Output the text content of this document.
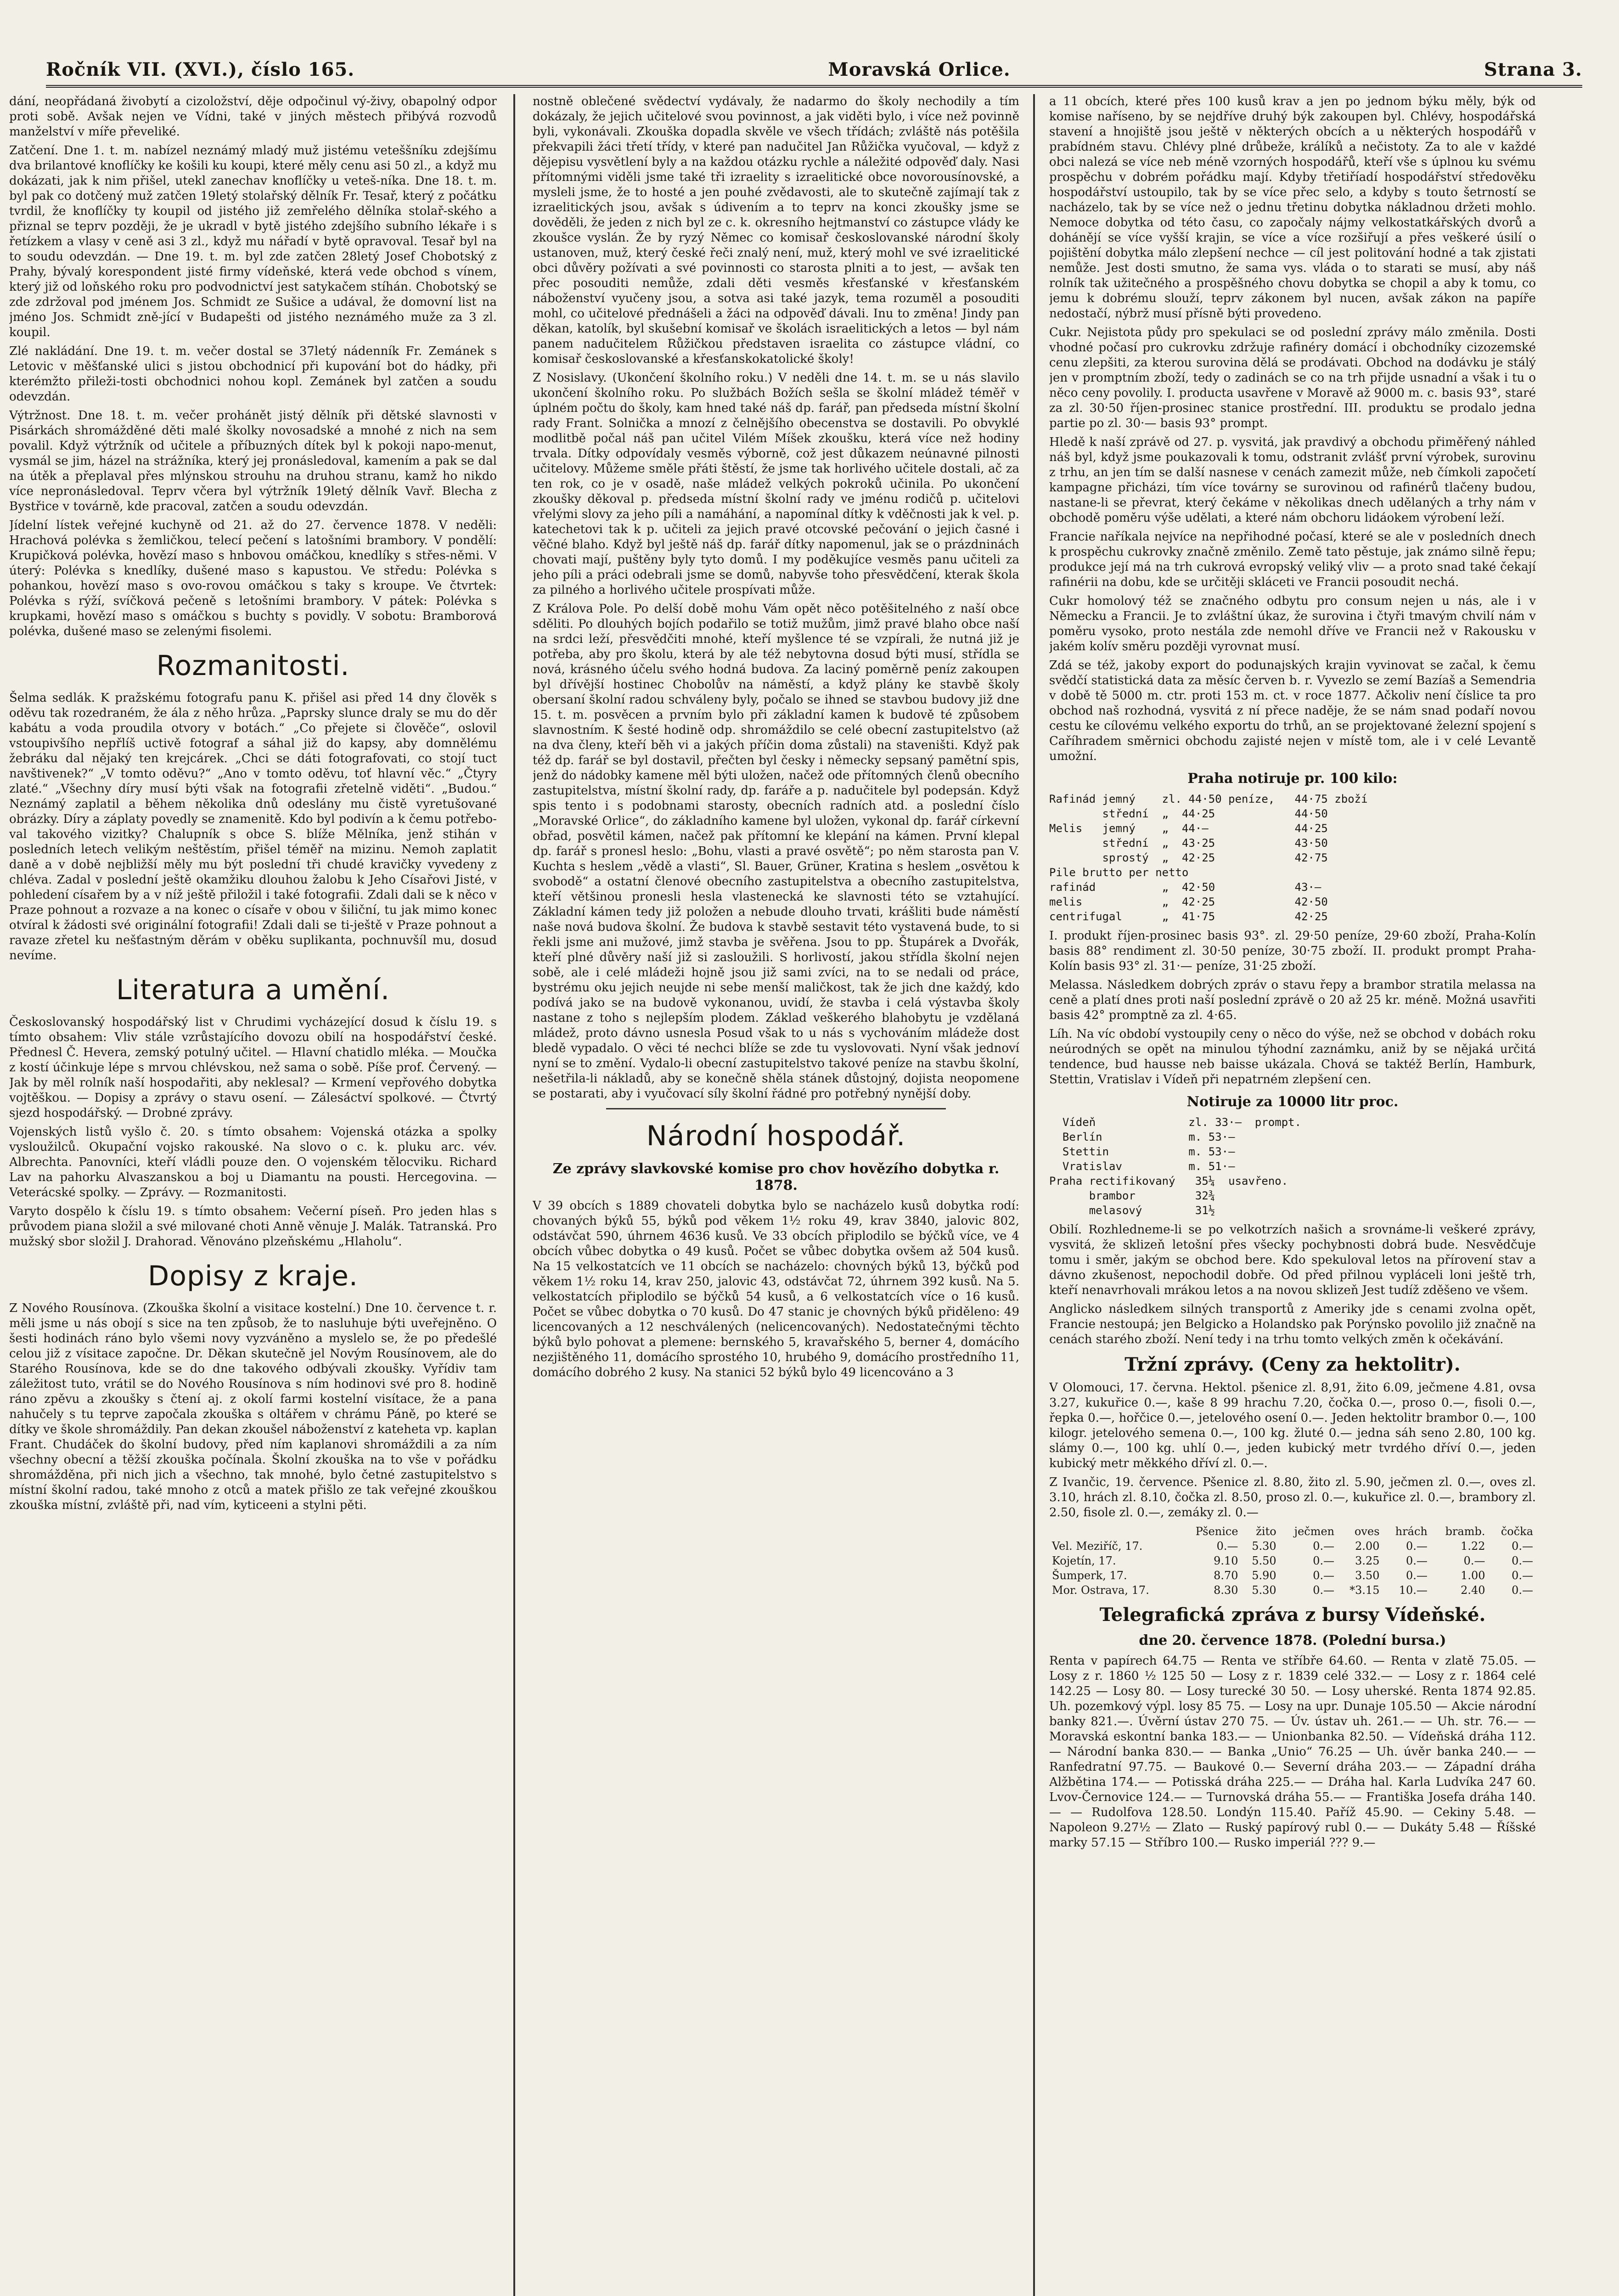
Ročník VII. (XVI.), číslo 165.	Moravská Orlice.	Strana 3.

dání, neopřádaná živobytí a cizoložství, děje odpočinul vý-živy, obapolný odpor proti sobě. Avšak nejen ve Vídni, také v jiných městech přibývá rozvodů manželství v míře převeliké.

Zatčení. Dne 1. t. m. nabízel neznámý mladý muž jistému veteššníku zdejšímu dva brilantové knoflíčky ke košili ku koupi, které měly cenu asi 50 zl., a když mu dokázati, jak k nim přišel, utekl zanechav knoflíčky u veteš-níka. Dne 18. t. m. byl pak co dotčený muž zatčen 19letý stolařský dělník Fr. Tesař, který z počátku tvrdil, že knoflíčky ty koupil od jistého již zemřelého dělníka stolař-ského a přiznal se teprv později, že je ukradl v bytě jistého zdejšího subního lékaře i s řetízkem a vlasy v ceně asi 3 zl., když mu nářadí v bytě opravoval. Tesař byl na to soudu odevzdán. — Dne 19. t. m. byl zde zatčen 28letý Josef Chobotský z Prahy, bývalý korespondent jisté firmy vídeňské, která vede obchod s vínem, který již od loňského roku pro podvodnictví jest satykačem stíhán. Chobotský se zde zdržoval pod jménem Jos. Schmidt ze Sušice a udával, že domovní list na jméno Jos. Schmidt zně-jící v Budapešti od jistého neznámého muže za 3 zl. koupil.

Zlé nakládání. Dne 19. t. m. večer dostal se 37letý nádenník Fr. Zemánek s Letovic v měšťanské ulici s jistou obchodnicí při kupování bot do hádky, při kterémžto přileži-tosti obchodnici nohou kopl. Zemánek byl zatčen a soudu odevzdán.

Výtržnost. Dne 18. t. m. večer prohánět jistý dělník při dětské slavnosti v Pisárkách shromážděné děti malé školky novosadské a mnohé z nich na sem povalil. Když výtržník od učitele a příbuzných dítek byl k pokoji napo-menut, vysmál se jim, házel na strážníka, který jej pronásledoval, kamením a pak se dal na útěk a přeplaval přes mlýnskou strouhu na druhou stranu, kamž ho nikdo více nepronásledoval. Teprv včera byl výtržník 19letý dělník Vavř. Blecha z Bystřice v továrně, kde pracoval, zatčen a soudu odevzdán.

Jídelní lístek veřejné kuchyně od 21. až do 27. července 1878. V neděli: Hrachová polévka s žemličkou, telecí pečení s latošními brambory. V pondělí: Krupičková polévka, hovězí maso s hnbovou omáčkou, knedlíky s střes-němi. V úterý: Polévka s knedlíky, dušené maso s kapustou. Ve středu: Polévka s pohankou, hovězí maso s ovo-rovou omáčkou s taky s kroupe. Ve čtvrtek: Polévka s rýží, svíčková pečeně s letošními brambory. V pátek: Polévka s krupkami, hovězí maso s omáčkou s buchty s povidly. V sobotu: Bramborová polévka, dušené maso se zelenými fisolemi.

Rozmanitosti.

Šelma sedlák. K pražskému fotografu panu K. přišel asi před 14 dny člověk s oděvu tak rozedraném, že ála z něho hrůza. „Paprsky slunce draly se mu do děr kabátu a voda proudila otvory v botách.“ „Co přejete si člověče“, oslovil vstoupivšího nepřlíš uctivě fotograf a sáhal již do kapsy, aby domnělému žebráku dal nějaký ten krejcárek. „Chci se dáti fotografovati, co stojí tuct navštivenek?“ „V tomto oděvu?“ „Ano v tomto oděvu, toť hlavní věc.“ „Čtyry zlaté.“ „Všechny díry musí býti však na fotografii zřetelně viděti“. „Budou.“ Neznámý zaplatil a během několika dnů odeslány mu čistě vyretušované obrázky. Díry a záplaty povedly se znamenitě. Kdo byl podivín a k čemu potřebo-val takového vizitky? Chalupník s obce S. blíže Mělníka, jenž stihán v posledních letech velikým neštěstím, přišel téměř na mizinu. Nemoh zaplatit daně a v době nejbližší měly mu být poslední tři chudé kravičky vyvedeny z chléva. Zadal v poslední ještě okamžiku dlouhou žalobu k Jeho Císařovi Jisté, v pohledení císařem by a v níž ještě přiložil i také fotografii. Zdali dali se k něco v Praze pohnout a rozvaze a na konec o císaře v obou v šiliční, tu jak mimo konec otvíral k žádosti své originální fotografii! Zdali dali se ti-ještě v Praze pohnout a ravaze zřetel ku nešťastným děrám v oběku suplikanta, pochnuvšíl mu, dosud nevíme.

Literatura a umění.

Českoslovanský hospodářský list v Chrudimi vycházející dosud k číslu 19. s tímto obsahem: Vliv stále vzrůstajícího dovozu obilí na hospodářství české. Přednesl Č. Hevera, zemský potulný učitel. — Hlavní chatidlo mléka. — Moučka z kostí účinkuje lépe s mrvou chlévskou, než sama o sobě. Píše prof. Červený. — Jak by měl rolník naší hospodařiti, aby neklesal? — Krmení vepřového dobytka vojtěškou. — Dopisy a zprávy o stavu osení. — Zálesáctví spolkové. — Čtvrtý sjezd hospodářský. — Drobné zprávy.

Vojenských listů vyšlo č. 20. s tímto obsahem: Vojenská otázka a spolky vysloužilců. Okupační vojsko rakouské. Na slovo o c. k. pluku arc. vév. Albrechta. Panovníci, kteří vládli pouze den. O vojenském tělocviku. Richard Lav na pahorku Alvaszanskou a boj u Diamantu na pousti. Hercegovina. — Veterácské spolky. — Zprávy. — Rozmanitosti.

Varyto dospělo k číslu 19. s tímto obsahem: Večerní píseň. Pro jeden hlas s průvodem piana složil a své milované choti Anně věnuje J. Malák. Tatranská. Pro mužský sbor složil J. Drahorad. Věnováno plzeňskému „Hlaholu“.

Dopisy z kraje.

Z Nového Rousínova. (Zkouška školní a visitace kostelní.) Dne 10. července t. r. měli jsme u nás obojí s sice na ten způsob, že to nasluhuje býti uveřejněno. O šesti hodinách ráno bylo všemi novy vyzváněno a myslelo se, že po předešlé celou již z vísitace započne. Dr. Děkan skutečně jel Novým Rousínovem, ale do Starého Rousínova, kde se do dne takového odbývali zkoušky. Vyřídiv tam záležitost tuto, vrátil se do Nového Rousínova s ním hodinovi své pro 8. hodině ráno zpěvu a zkoušky s čtení aj. z okolí farmi kostelní visítace, že a pana nahučely s tu teprve započala zkouška s oltářem v chrámu Páně, po které se dítky ve škole shromáždily. Pan dekan zkoušel náboženství z kateheta vp. kaplan Frant. Chudáček do školní budovy, před ním kaplanovi shromáždili a za ním všechny obecní a těžší zkouška počínala. Školní zkouška na to vše v pořádku shromážděna, při nich jich a všechno, tak mnohé, bylo četné zastupitelstvo s místní školní radou, také mnoho z otců a matek přišlo ze tak veřejné zkouškou zkouška místní, zvláště při, nad vím, kyticeeni a stylni pěti.

nostně oblečené svědectví vydávaly, že nadarmo do školy nechodily a tím dokázaly, že jejich učitelové svou povinnost, a jak viděti bylo, i více než povinně byli, vykonávali. Zkouška dopadla skvěle ve všech třídách; zvláště nás potěšila překvapili žáci třetí třídy, v které pan nadučitel Jan Růžička vyučoval, — když z dějepisu vysvětlení byly a na každou otázku rychle a náležité odpověď daly. Nasi přítomnými viděli jsme také tři izraelity s izraelitické obce novorousínovské, a mysleli jsme, že to hosté a jen pouhé zvědavosti, ale to skutečně zajímají tak z izraelitických jsou, avšak s údivením a to teprv na konci zkoušky jsme se dověděli, že jeden z nich byl ze c. k. okresního hejtmanství co zástupce vlády ke zkoušce vyslán. Že by ryzý Němec co komisař českoslovanské národní školy ustanoven, muž, který české řeči znalý není, muž, který mohl ve své izraelitické obci důvěry požívati a své povinnosti co starosta plniti a to jest, — avšak ten přec posouditi nemůže, zdali děti vesměs křesťanské v křesťanském náboženství vyučeny jsou, a sotva asi také jazyk, tema rozuměl a posouditi mohl, co učitelové přednášeli a žáci na odpověď dávali. Inu to změna! Jindy pan děkan, katolík, byl skušební komisař ve školách israelitických a letos — byl nám panem nadučitelem Růžičkou představen israelita co zástupce vládní, co komisař českoslovanské a křesťanskokatolické školy!

Z Nosislavy. (Ukončení školního roku.) V neděli dne 14. t. m. se u nás slavilo ukončení školního roku. Po službách Božích sešla se školní mládež téměř v úplném počtu do školy, kam hned také náš dp. farář, pan předseda místní školní rady Frant. Solnička a mnozí z čelnějšího obecenstva se dostavili. Po obvyklé modlitbě počal náš pan učitel Vilém Míšek zkoušku, která více než hodiny trvala. Dítky odpovídaly vesměs výborně, což jest důkazem neúnavné pilnosti učitelovy. Můžeme směle přáti štěstí, že jsme tak horlivého učitele dostali, ač za ten rok, co je v osadě, naše mládež velkých pokroků učinila. Po ukončení zkoušky děkoval p. předseda místní školní rady ve jménu rodičů p. učitelovi vřelými slovy za jeho píli a namáhání, a napomínal dítky k vděčnosti jak k vel. p. katechetovi tak k p. učiteli za jejich pravé otcovské pečování o jejich časné i věčné blaho. Když byl ještě náš dp. farář dítky napomenul, jak se o prázdninách chovati mají, puštěny byly tyto domů. I my poděkujíce vesměs panu učiteli za jeho píli a práci odebrali jsme se domů, nabyvše toho přesvědčení, kterak škola za pilného a horlivého učitele prospívati může.

Z Králova Pole. Po delší době mohu Vám opět něco potěšitelného z naší obce sděliti. Po dlouhých bojích podařilo se totiž mužům, jimž pravé blaho obce naší na srdci leží, přesvědčiti mnohé, kteří myšlence té se vzpírali, že nutná již je potřeba, aby pro školu, která by ale též nebytovna dosud býti musí, střídla se nová, krásného účelu svého hodná budova. Za laciný poměrně peníz zakoupen byl dřívější hostinec Chobolův na náměstí, a když plány ke stavbě školy obersaní školní radou schváleny byly, počalo se ihned se stavbou budovy již dne 15. t. m. posvěcen a prvním bylo při základní kamen k budově té způsobem slavnostním. K šesté hodině odp. shromáždilo se celé obecní zastupitelstvo (až na dva členy, kteří běh vi a jakých příčin doma zůstali) na staveništi. Když pak též dp. farář se byl dostavil, přečten byl česky i německy sepsaný pamětní spis, jenž do nádobky kamene měl býti uložen, načež ode přítomných členů obecního zastupitelstva, místní školní rady, dp. faráře a p. nadučitele byl podepsán. Když spis tento i s podobnami starosty, obecních radních atd. a poslední číslo „Moravské Orlice“, do základního kamene byl uložen, vykonal dp. farář církevní obřad, posvětil kámen, načež pak přítomní ke klepání na kámen. První klepal dp. farář s pronesl heslo: „Bohu, vlasti a pravé osvětě“; po něm starosta pan V. Kuchta s heslem „vědě a vlasti“, Sl. Bauer, Grüner, Kratina s heslem „osvětou k svobodě“ a ostatní členové obecního zastupitelstva a obecního zastupitelstva, kteří většinou pronesli hesla vlastenecká ke slavnosti této se vztahující. Základní kámen tedy již položen a nebude dlouho trvati, krášliti bude náměstí naše nová budova školní. Že budova k stavbě sestavit této vystavená bude, to si řekli jsme ani mužové, jimž stavba je svěřena. Jsou to pp. Štupárek a Dvořák, kteří plné důvěry naší již si zasloužili. S horlivostí, jakou střídla školní nejen sobě, ale i celé mládeži hojně jsou již sami zvíci, na to se nedali od práce, bystrému oku jejich neujde ni sebe menší maličkost, tak že jich dne každý, kdo podívá jako se na budově vykonanou, uvidí, že stavba i celá výstavba školy nastane z toho s nejlepším plodem. Základ veškerého blahobytu je vzdělaná mládež, proto dávno usnesla Posud však to u nás s vychováním mládeže dost bledě vypadalo. O věci té nechci blíže se zde tu vyslovovati. Nyní však jednoví nyní se to změní. Vydalo-li obecní zastupitelstvo takové peníze na stavbu školní, nešetřila-li nákladů, aby se konečně shěla stánek důstojný, dojista neopomene se postarati, aby i vyučovací síly školní řádné pro potřebný nynější doby.

Národní hospodář.
Ze zprávy slavkovské komise pro chov hovězího dobytka r. 1878.

V 39 obcích s 1889 chovateli dobytka bylo se nacházelo kusů dobytka rodí: chovaných býků 55, býků pod věkem 1½ roku 49, krav 3840, jalovic 802, odstávčat 590, úhrnem 4636 kusů. Ve 33 obcích připlodilo se býčků více, ve 4 obcích vůbec dobytka o 49 kusů. Počet se vůbec dobytka ovšem až 504 kusů. Na 15 velkostatcích ve 11 obcích se nacházelo: chovných býků 13, býčků pod věkem 1½ roku 14, krav 250, jalovic 43, odstávčat 72, úhrnem 392 kusů. Na 5. velkostatcích připlodilo se býčků 54 kusů, a 6 velkostatcích více o 16 kusů. Počet se vůbec dobytka o 70 kusů. Do 47 stanic je chovných býků přiděleno: 49 licencovaných a 12 neschválených (nelicencovaných). Nedostatečnými těchto býků bylo pohovat a plemene: bernského 5, kravařského 5, berner 4, domácího nezjištěného 11, domácího sprostého 10, hrubého 9, domácího prostředního 11, domácího dobrého 2 kusy. Na stanici 52 býků bylo 49 licencováno a 3

a 11 obcích, které přes 100 kusů krav a jen po jednom býku měly, býk od komise naříseno, by se nejdříve druhý býk zakoupen byl. Chlévy, hospodářská stavení a hnojiště jsou ještě v některých obcích a u některých hospodářů v prabídném stavu. Chlévy plné drůbeže, králíků a nečistoty. Za to ale v každé obci nalezá se více neb méně vzorných hospodářů, kteří vše s úplnou ku svému prospěchu v dobrém pořádku mají. Kdyby třetiříadí hospodářství středověku hospodářství ustoupilo, tak by se více přec selo, a kdyby s touto šetrností se nacházelo, tak by se více než o jednu třetinu dobytka nákladnou držeti mohlo. Nemoce dobytka od této času, co započaly nájmy velkostatkářských dvorů a dohánějí se více vyšší krajin, se více a více rozšiřují a přes veškeré úsilí o pojištění dobytka málo zlepšení nechce — cíl jest politování hodné a tak zjistati nemůže. Jest dosti smutno, že sama vys. vláda o to starati se musí, aby náš rolník tak užitečného a prospěšného chovu dobytka se chopil a aby k tomu, co jemu k dobrému slouží, teprv zákonem byl nucen, avšak zákon na papíře nedostačí, nýbrž musí přísně býti provedeno.

Cukr. Nejistota půdy pro spekulaci se od poslední zprávy málo změnila. Dosti vhodné počasí pro cukrovku zdržuje rafinéry domácí i obchodníky cizozemské cenu zlepšiti, za kterou surovina dělá se prodávati. Obchod na dodávku je stálý jen v promptním zboží, tedy o zadinách se co na trh přijde usnadní a však i tu o něco ceny povolily. I. producta usavřene v Moravě až 9000 m. c. basis 93°, staré za zl. 30·50 říjen-prosinec stanice prostřední. III. produktu se prodalo jedna partie po zl. 30·— basis 93° prompt.

Hledě k naší zprávě od 27. p. vysvitá, jak pravdivý a obchodu přiměřený náhled náš byl, když jsme poukazovali k tomu, odstranit zvlášť první výrobek, surovinu z trhu, an jen tím se další nasnese v cenách zamezit může, neb čímkoli započetí kampagne přicházi, tím více továrny se surovinou od rafinérů tlačeny budou, nastane-li se převrat, který čekáme v několikas dnech udělaných a trhy nám v obchodě poměru výše udělati, a které nám obchoru lidáokem výrobení leží.

Francie naříkala nejvíce na nepřihodné počasí, které se ale v posledních dnech k prospěchu cukrovky značně změnilo. Země tato pěstuje, jak známo silně řepu; produkce její má na trh cukrová evropský veliký vliv — a proto snad také čekají rafinérii na dobu, kde se určitěji skláceti ve Francii posoudit nechá.

Cukr homolový též se značného odbytu pro consum nejen u nás, ale i v Německu a Francii. Je to zvláštní úkaz, že surovina i čtyři tmavým chvilí nám v poměru vysoko, proto nestála zde nemohl dříve ve Francii než v Rakousku v jakém kolív směru později vyrovnat musí.

Zdá se též, jakoby export do podunajských krajin vyvinovat se začal, k čemu svědčí statistická data za měsíc červen b. r. Vyvezlo se zemí Bazíaš a Semendria v době tě 5000 m. ctr. proti 153 m. ct. v roce 1877. Ačkoliv není číslice ta pro obchod naš rozhodná, vysvitá z ní přece naděje, že se nám snad podaří novou cestu ke cílovému velkého exportu do trhů, an se projektované železní spojení s Caříhradem směrnici obchodu zajisté nejen v místě tom, ale i v celé Levantě umožní.

Praha notiruje pr. 100 kilo:
Rafinád jemný    zl. 44·50 peníze,   44·75 zboží
střední  „  44·25            44·50
Melis   jemný    „  44·—             44·25
střední  „  43·25            43·50
sprostý  „  42·25            42·75
Pile brutto per netto
rafinád          „  42·50            43·—
melis            „  42·25            42·50
centrifugal      „  41·75            42·25

I. produkt říjen-prosinec basis 93°. zl. 29·50 peníze, 29·60 zboží, Praha-Kolín basis 88° rendiment zl. 30·50 peníze, 30·75 zboží. II. produkt prompt Praha-Kolín basis 93° zl. 31·— peníze, 31·25 zboží.

Melassa. Následkem dobrých zpráv o stavu řepy a brambor stratila melassa na ceně a platí dnes proti naší poslední zprávě o 20 až 25 kr. méně. Možná usavřiti basis 42° promptně za zl. 4·65.

Líh. Na víc období vystoupily ceny o něco do výše, než se obchod v dobách roku neúrodných se opět na minulou týhodní zaznámku, aniž by se nějaká určitá tendence, bud hausse neb baisse ukázala. Chová se taktéž Berlín, Hamburk, Stettin, Vratislav i Vídeň při nepatrném zlepšení cen.

Notiruje za 10000 litr proc.
Vídeň              zl. 33·—  prompt.
Berlín             m. 53·—
Stettin            m. 53·—
Vratislav          m. 51·—
Praha rectifikovaný   35¼  usavřeno.
brambor         32¾
melasový        31½

Obilí. Rozhledneme-li se po velkotrzích našich a srovnáme-li veškeré zprávy, vysvitá, že sklizeň letošní přes všecky pochybnosti dobrá bude. Nesvědčuje tomu i směr, jakým se obchod bere. Kdo spekuloval letos na přírovení stav a dávno zkušenost, nepochodil dobře. Od před přilnou vypláceli loni ještě trh, kteří nenavrhovali mrákou letos a na novou sklizeň Jest tudíž zděšeno ve všem.

Anglicko následkem silných transportů z Ameriky jde s cenami zvolna opět, Francie nestoupá; jen Belgicko a Holandsko pak Porýnsko povolilo již značně na cenách starého zboží. Není tedy i na trhu tomto velkých změn k očekávání.

Tržní zprávy. (Ceny za hektolitr).

V Olomouci, 17. června. Hektol. pšenice zl. 8,91, žito 6.09, ječmene 4.81, ovsa 3.27, kukuřice 0.—, kaše 8 99 hrachu 7.20, čočka 0.—, proso 0.—, fisoli 0.—, řepka 0.—, hořčice 0.—, jetelového osení 0.—. Jeden hektolitr brambor 0.—, 100 kilogr. jetelového semena 0.—, 100 kg. žluté 0.— jedna sáh seno 2.80, 100 kg. slámy 0.—, 100 kg. uhlí 0.—, jeden kubický metr tvrdého dříví 0.—, jeden kubický metr měkkého dříví zl. 0.—.

Z Ivančic, 19. července. Pšenice zl. 8.80, žito zl. 5.90, ječmen zl. 0.—, oves zl. 3.10, hrách zl. 8.10, čočka zl. 8.50, proso zl. 0.—, kukuřice zl. 0.—, brambory zl. 2.50, fisole zl. 0.—, zemáky zl. 0.—

	Pšenice	žito	ječmen	oves	hrách	bramb.	čočka
Vel. Meziříč, 17.	0.—	5.30	0.—	2.00	0.—	1.22	0.—
Kojetín, 17.	9.10	5.50	0.—	3.25	0.—	0.—	0.—
Šumperk, 17.	8.70	5.90	0.—	3.50	0.—	1.00	0.—
Mor. Ostrava, 17.	8.30	5.30	0.—	*3.15	10.—	2.40	0.—
Telegrafická zpráva z bursy Vídeňské.
dne 20. července 1878. (Polední bursa.)

Renta v papírech 64.75 — Renta ve stříbře 64.60. — Renta v zlatě 75.05. — Losy z r. 1860 ½ 125 50 — Losy z r. 1839 celé 332.— — Losy z r. 1864 celé 142.25 — Losy 80. — Losy turecké 30 50. — Losy uherské. Renta 1874 92.85. Uh. pozemkový výpl. losy 85 75. — Losy na upr. Dunaje 105.50 — Akcie národní banky 821.—. Úvěrní ústav 270 75. — Úv. ústav uh. 261.— — Uh. str. 76.— — Moravská eskontní banka 183.— — Unionbanka 82.50. — Vídeňská dráha 112.— Národní banka 830.— — Banka „Unio“ 76.25 — Uh. úvěr banka 240.— — Ranfedratní 97.75. — Baukové 0.— Severní dráha 203.— — Západní dráha Alžbětina 174.— — Potisská dráha 225.— — Dráha hal. Karla Ludvíka 247 60. Lvov-Černovice 124.— — Turnovská dráha 55.— — Františka Josefa dráha 140.— — Rudolfova 128.50. Londýn 115.40. Paříž 45.90. — Cekiny 5.48. — Napoleon 9.27½ — Zlato — Ruský papírový rubl 0.— — Dukáty 5.48 — Říšské marky 57.15 — Stříbro 100.— Rusko imperiál ??? 9.—
